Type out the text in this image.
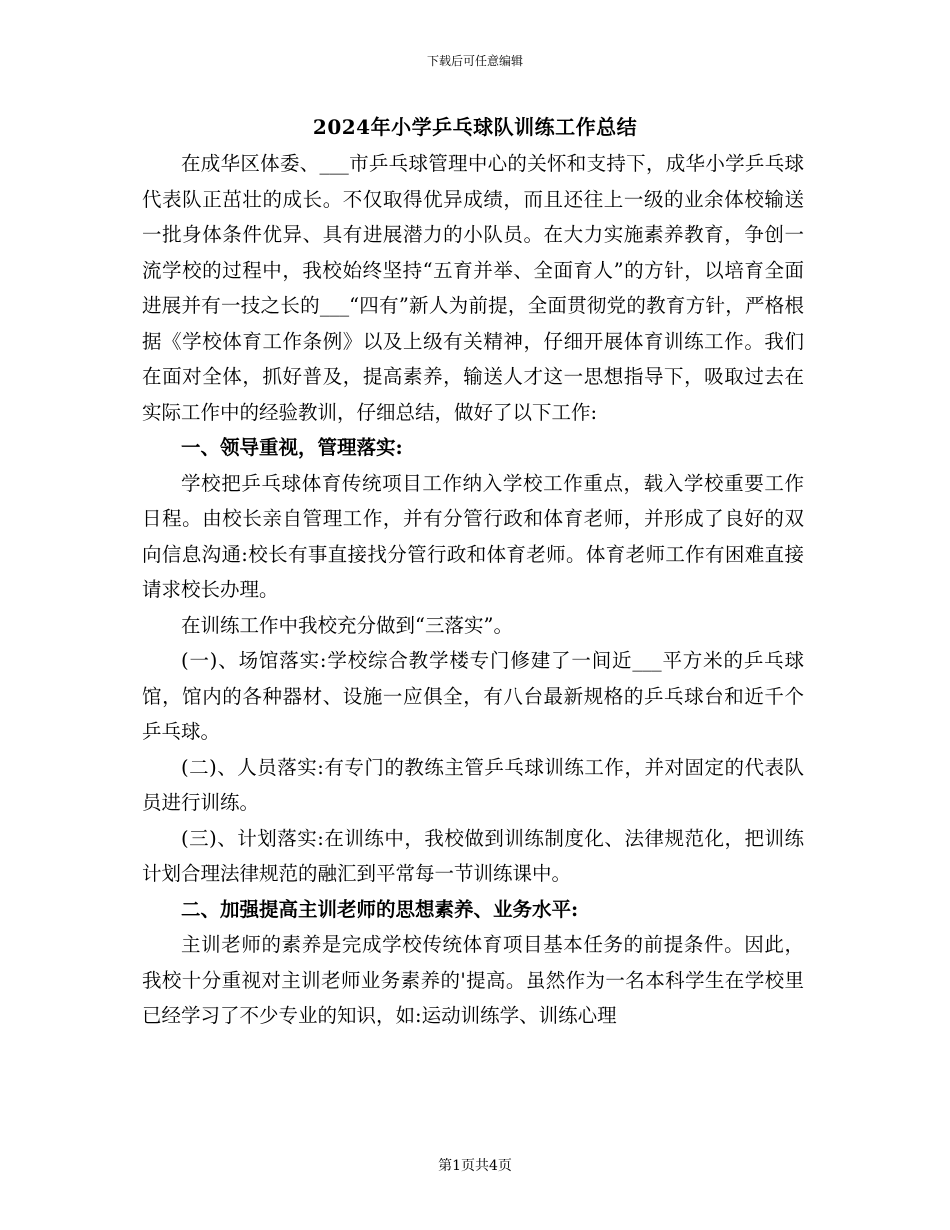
下载后可任意编辑
2024年小学乒乓球队训练工作总结

在成华区体委、___市乒乓球管理中心的关怀和支持下，成华小学乒乓球代表队正茁壮的成长。不仅取得优异成绩，而且还往上一级的业余体校输送一批身体条件优异、具有进展潜力的小队员。在大力实施素养教育，争创一流学校的过程中，我校始终坚持“五育并举、全面育人”的方针，以培育全面进展并有一技之长的___“四有”新人为前提，全面贯彻党的教育方针，严格根据《学校体育工作条例》以及上级有关精神，仔细开展体育训练工作。我们在面对全体，抓好普及，提高素养，输送人才这一思想指导下，吸取过去在实际工作中的经验教训，仔细总结，做好了以下工作:

一、领导重视，管理落实:

学校把乒乓球体育传统项目工作纳入学校工作重点，载入学校重要工作日程。由校长亲自管理工作，并有分管行政和体育老师，并形成了良好的双向信息沟通:校长有事直接找分管行政和体育老师。体育老师工作有困难直接请求校长办理。

在训练工作中我校充分做到“三落实”。

(一)、场馆落实:学校综合教学楼专门修建了一间近___平方米的乒乓球馆，馆内的各种器材、设施一应俱全，有八台最新规格的乒乓球台和近千个乒乓球。

(二)、人员落实:有专门的教练主管乒乓球训练工作，并对固定的代表队员进行训练。

(三)、计划落实:在训练中，我校做到训练制度化、法律规范化，把训练计划合理法律规范的融汇到平常每一节训练课中。

二、加强提高主训老师的思想素养、业务水平:

主训老师的素养是完成学校传统体育项目基本任务的前提条件。因此，我校十分重视对主训老师业务素养的'提高。虽然作为一名本科学生在学校里已经学习了不少专业的知识，如:运动训练学、训练心理

第1页共4页
